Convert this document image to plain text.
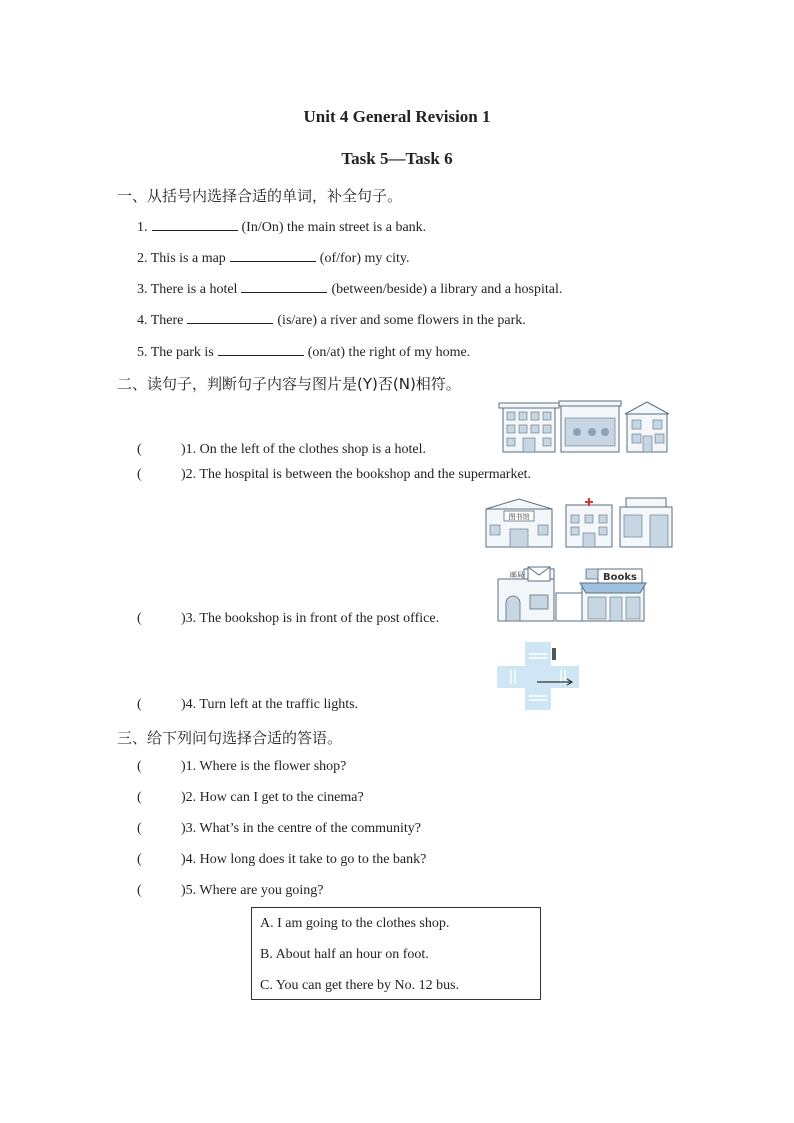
Unit 4 General Revision 1
Task 5—Task 6
一、从括号内选择合适的单词，补全句子。
1.	(In/On) the main street is a bank.
2. This is a map	(of/for) my city.
3. There is a hotel	(between/beside) a library and a hospital.
4. There	(is/are) a river and some flowers in the park.
5. The park is	(on/at) the right of my home.
二、读句子，判断句子内容与图片是(Y)否(N)相符。
(	)1. On the left of the clothes shop is a hotel.
(	)2. The hospital is between the bookshop and the supermarket.
(	)3. The bookshop is in front of the post office.
(	)4. Turn left at the traffic lights.
图书馆
邮局	Books
三、给下列问句选择合适的答语。
(	)1. Where is the flower shop?
(	)2. How can I get to the cinema?
(	)3. What’s in the centre of the community?
(	)4. How long does it take to go to the bank?
(	)5. Where are you going?
A. I am going to the clothes shop.
B. About half an hour on foot.
C. You can get there by No. 12 bus.
